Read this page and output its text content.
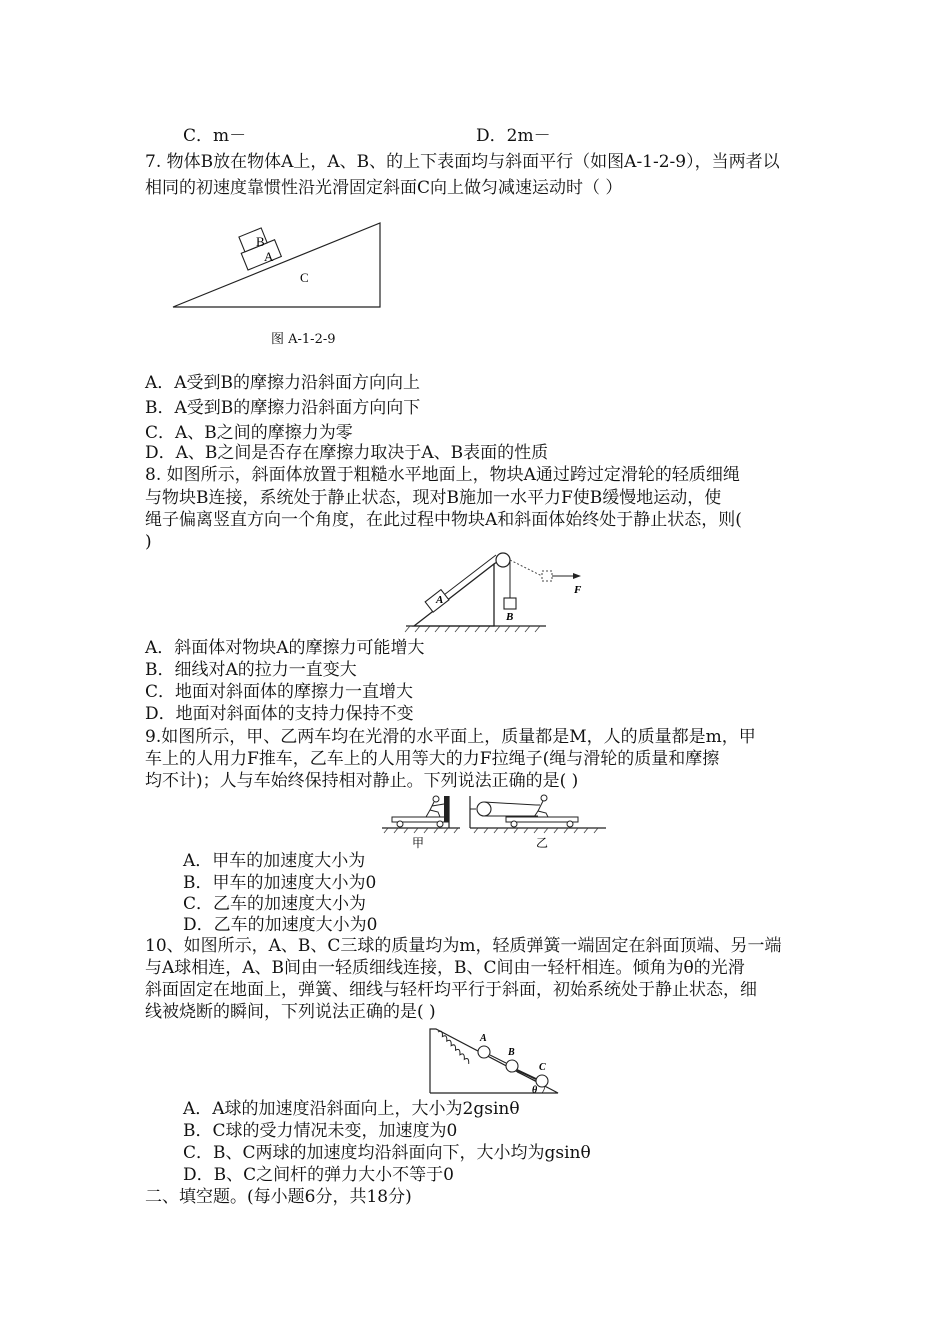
C．m－	D．2m－
7. 物体B放在物体A上，A、B、的上下表面均与斜面平行（如图A-1-2-9），当两者以
相同的初速度靠惯性沿光滑固定斜面C向上做匀减速运动时（ ）
B
A
C
图 A-1-2-9
A．A受到B的摩擦力沿斜面方向向上
B．A受到B的摩擦力沿斜面方向向下
C．A、B之间的摩擦力为零
D．A、B之间是否存在摩擦力取决于A、B表面的性质
8. 如图所示，斜面体放置于粗糙水平地面上，物块A通过跨过定滑轮的轻质细绳
与物块B连接，系统处于静止状态，现对B施加一水平力F使B缓慢地运动，使
绳子偏离竖直方向一个角度，在此过程中物块A和斜面体始终处于静止状态，则(
)
A
B
F
A．斜面体对物块A的摩擦力可能增大
B．细线对A的拉力一直变大
C．地面对斜面体的摩擦力一直增大
D．地面对斜面体的支持力保持不变
9.如图所示，甲、乙两车均在光滑的水平面上，质量都是M，人的质量都是m，甲
车上的人用力F推车，乙车上的人用等大的力F拉绳子(绳与滑轮的质量和摩擦
均不计)；人与车始终保持相对静止。下列说法正确的是( )
甲	乙
A．甲车的加速度大小为
B．甲车的加速度大小为0
C．乙车的加速度大小为
D．乙车的加速度大小为0
10、如图所示，A、B、C三球的质量均为m，轻质弹簧一端固定在斜面顶端、另一端
与A球相连，A、B间由一轻质细线连接，B、C间由一轻杆相连。倾角为θ的光滑
斜面固定在地面上，弹簧、细线与轻杆均平行于斜面，初始系统处于静止状态，细
线被烧断的瞬间，下列说法正确的是( )
A
B
C
θ
A．A球的加速度沿斜面向上，大小为2gsinθ
B．C球的受力情况未变，加速度为0
C．B、C两球的加速度均沿斜面向下，大小均为gsinθ
D．B、C之间杆的弹力大小不等于0
二、填空题。(每小题6分，共18分)
